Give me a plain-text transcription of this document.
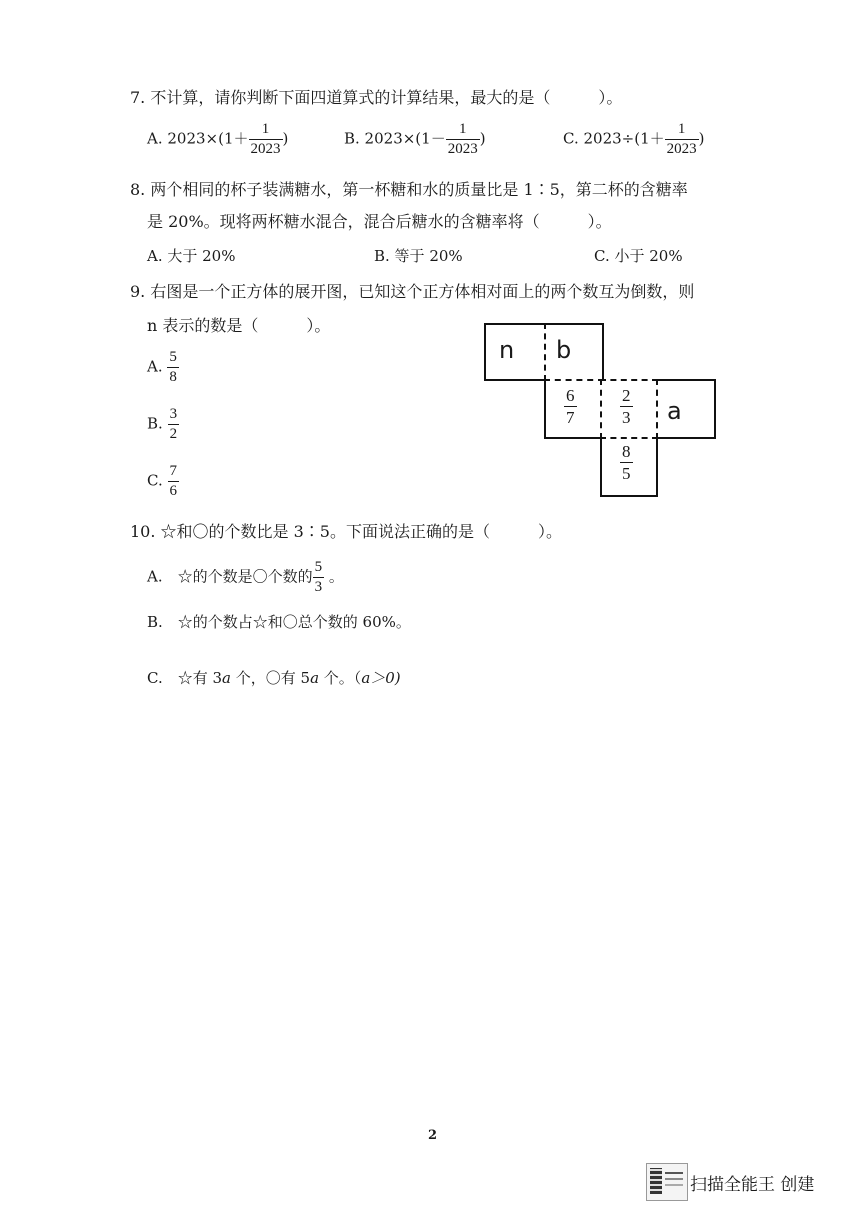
7. 不计算，请你判断下面四道算式的计算结果，最大的是（　　　）。
A. $2023\times(1+ \frac{1}{2023}$ )	B. $2023\times(1- \frac{1}{2023}$ )	C. $2023\div(1+ \frac{1}{2023}$ )
8. 两个相同的杯子装满糖水，第一杯糖和水的质量比是 1∶5，第二杯的含糖率
是 20%。现将两杯糖水混合，混合后糖水的含糖率将（　　　）。
A. 大于 20%	B. 等于 20%	C. 小于 20%
9. 右图是一个正方体的展开图，已知这个正方体相对面上的两个数互为倒数，则
n 表示的数是（　　　）。
A. $\frac{5}{8}$
B. $\frac{3}{2}$
C. $\frac{7}{6}$
n b
a
$\frac{6}{7}$	$\frac{2}{3}$
$\frac{8}{5}$
10. ☆和〇的个数比是 3∶5。下面说法正确的是（　　　）。
A.　☆的个数是〇个数的 $\frac{5}{3}$ 。
B.　☆的个数占☆和〇总个数的 60%。
C.　☆有 3a 个，〇有 5a 个。（a＞0)
2
扫描全能王 创建
